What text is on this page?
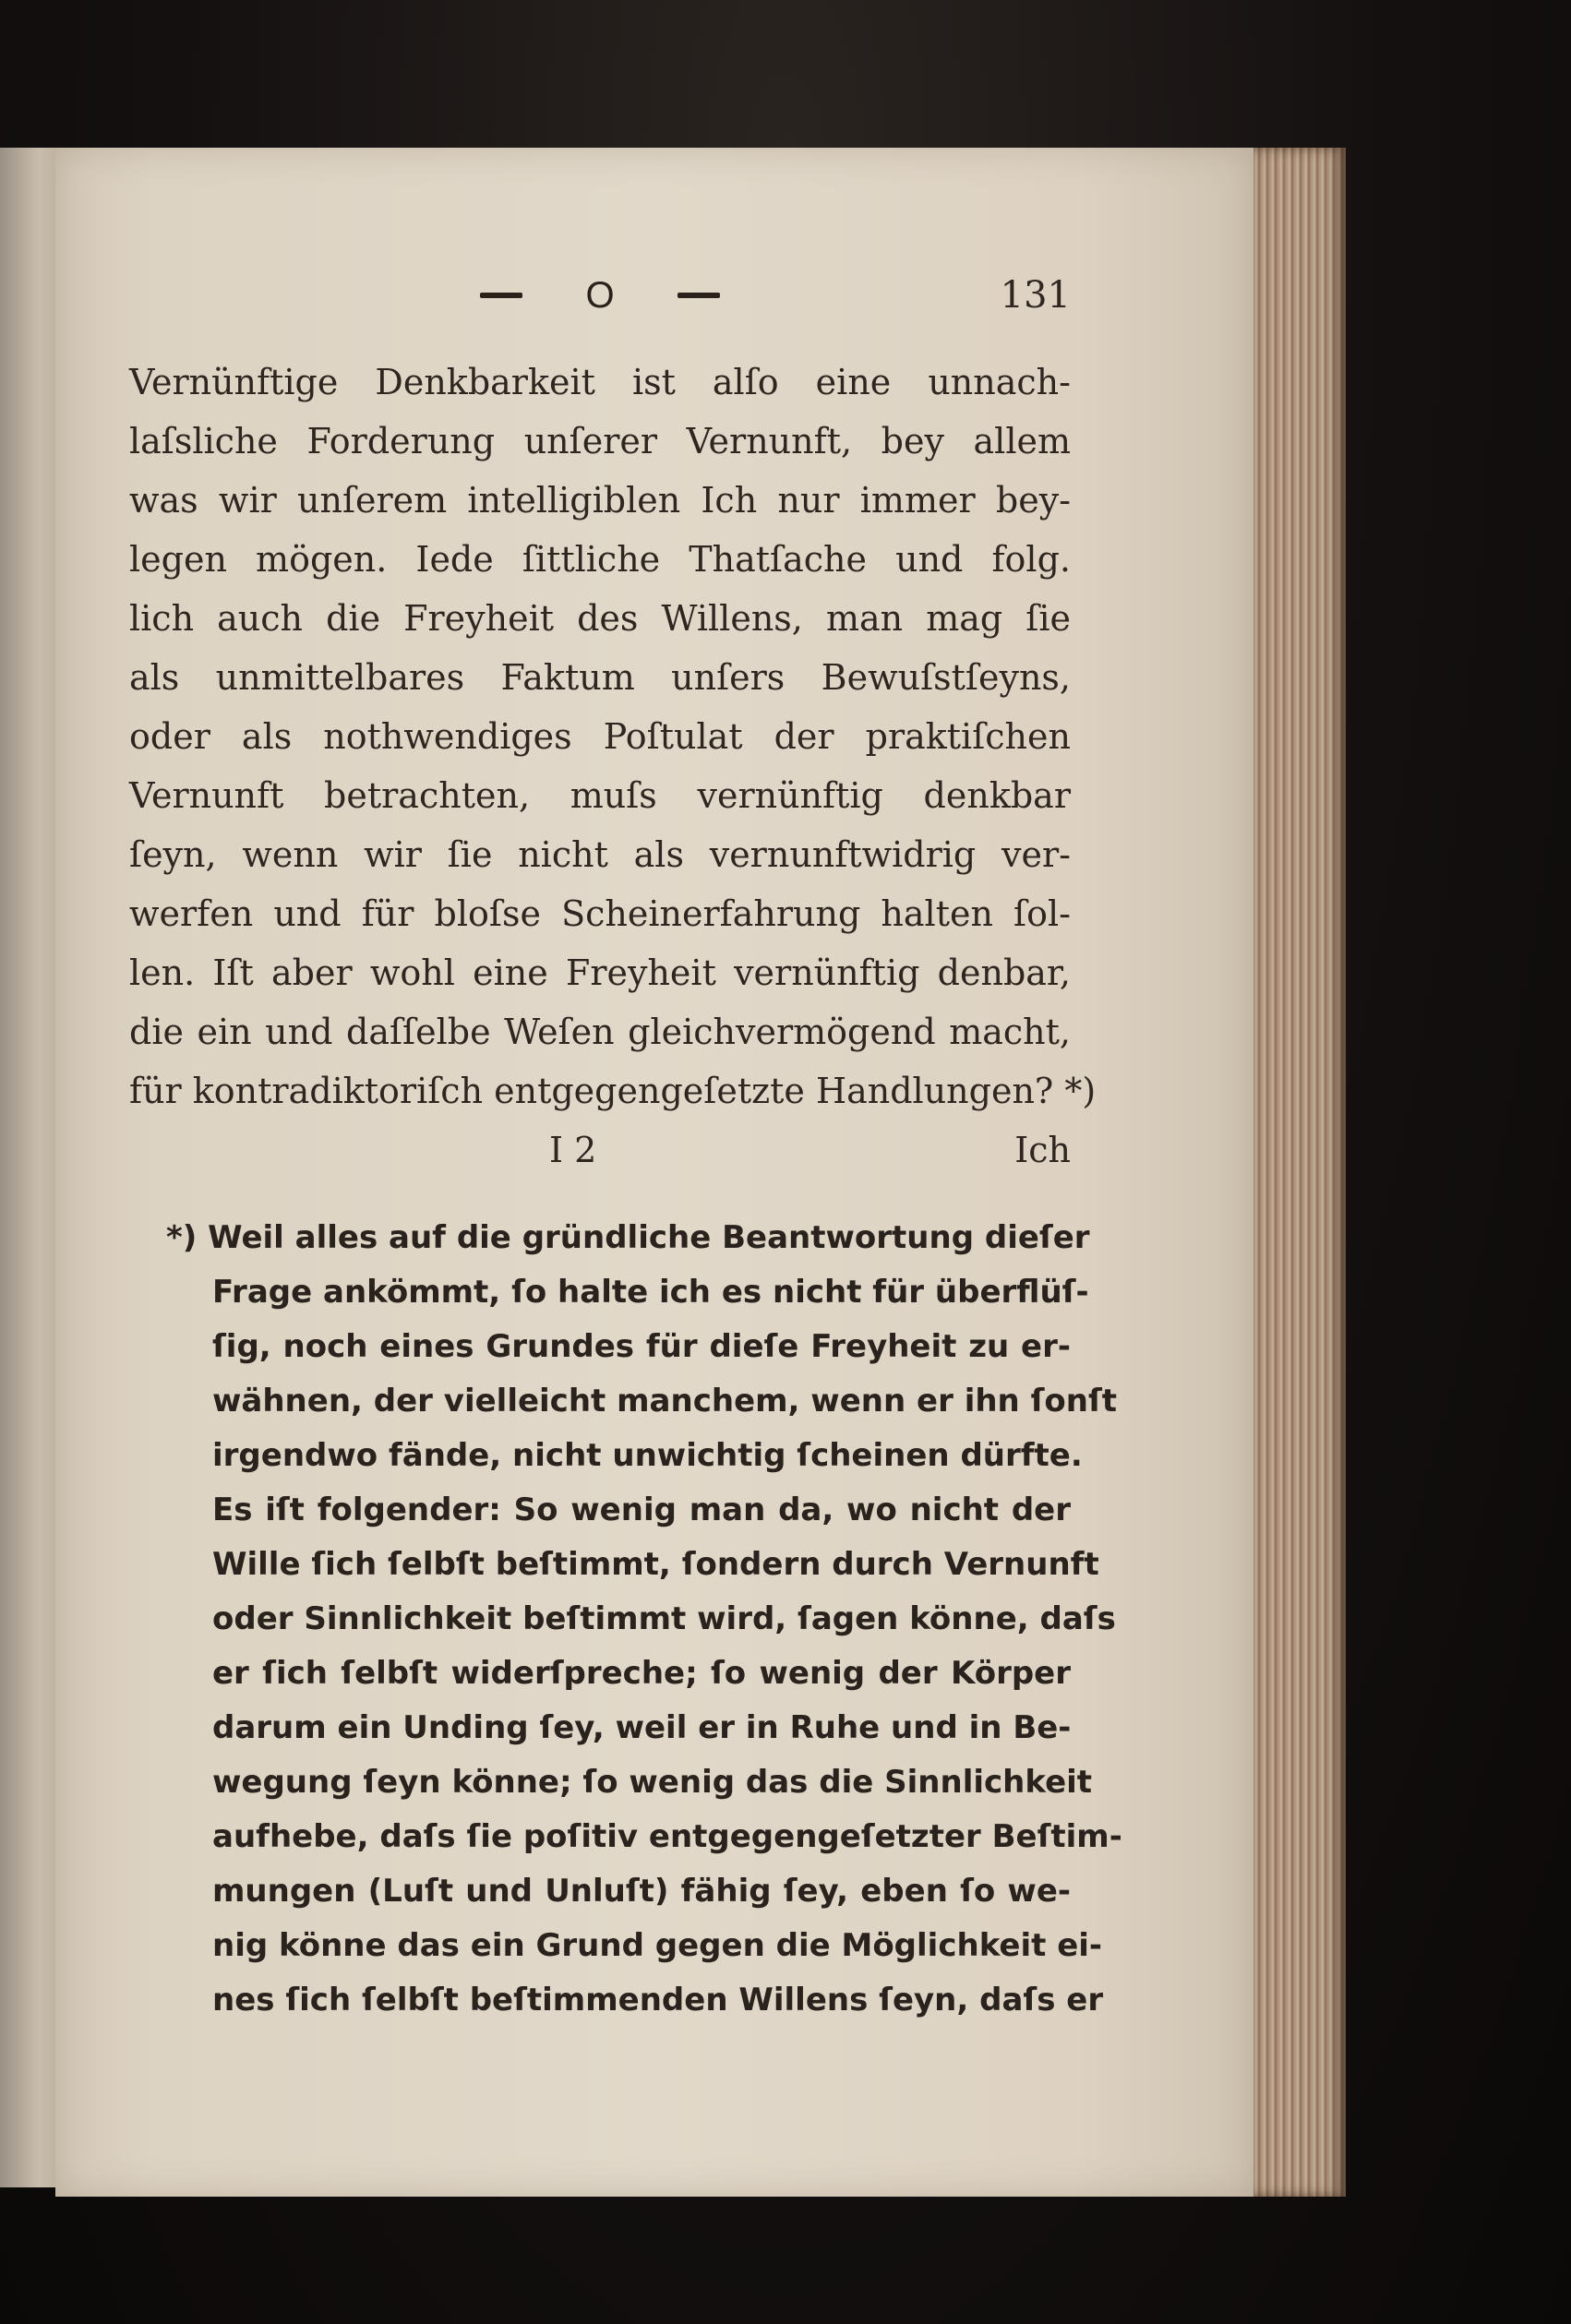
O	131
Vernünftige Denkbarkeit ist alſo eine unnach-
laſsliche Forderung unſerer Vernunft, bey allem
was wir unſerem intelligiblen Ich nur immer bey-
legen mögen. Iede ſittliche Thatſache und folg.
lich auch die Freyheit des Willens, man mag ſie
als unmittelbares Faktum unſers Bewuſstſeyns,
oder als nothwendiges Poſtulat der praktiſchen
Vernunft betrachten, muſs vernünftig denkbar
ſeyn, wenn wir ſie nicht als vernunftwidrig ver-
werfen und für bloſse Scheinerfahrung halten ſol-
len. Iſt aber wohl eine Freyheit vernünftig denbar,
die ein und daſſelbe Weſen gleichvermögend macht,
für kontradiktoriſch entgegengeſetzte Handlungen? *)
I 2	Ich
*) Weil alles auf die gründliche Beantwortung dieſer
Frage ankömmt, ſo halte ich es nicht für überflüſ-
ſig, noch eines Grundes für dieſe Freyheit zu er-
wähnen, der vielleicht manchem, wenn er ihn ſonſt
irgendwo fände, nicht unwichtig ſcheinen dürfte.
Es iſt folgender: So wenig man da, wo nicht der
Wille ſich ſelbſt beſtimmt, ſondern durch Vernunft
oder Sinnlichkeit beſtimmt wird, ſagen könne, daſs
er ſich ſelbſt widerſpreche; ſo wenig der Körper
darum ein Unding ſey, weil er in Ruhe und in Be-
wegung ſeyn könne; ſo wenig das die Sinnlichkeit
aufhebe, daſs ſie poſitiv entgegengeſetzter Beſtim-
mungen (Luſt und Unluſt) fähig ſey, eben ſo we-
nig könne das ein Grund gegen die Möglichkeit ei-
nes ſich ſelbſt beſtimmenden Willens ſeyn, daſs er
